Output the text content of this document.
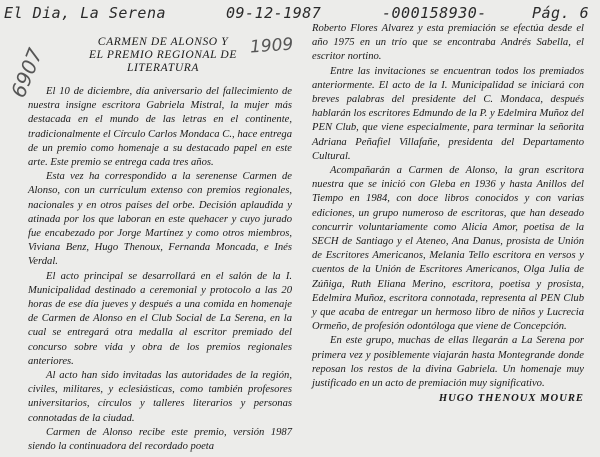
El Dia, La Serena	09-12-1987	-000158930-	Pág. 6
6907	1909
CARMEN DE ALONSO Y
EL PREMIO REGIONAL DE
LITERATURA

El 10 de diciembre, día aniversario del fallecimiento de nuestra insigne escritora Gabriela Mistral, la mujer más destacada en el mundo de las letras en el continente, tradicionalmente el Círculo Carlos Mondaca C., hace entrega de un premio como homenaje a su destacado papel en este arte. Este premio se entrega cada tres años.

Esta vez ha correspondido a la serenense Carmen de Alonso, con un currículum extenso con premios regionales, nacionales y en otros países del orbe. Decisión aplaudida y atinada por los que laboran en este quehacer y cuyo jurado fue encabezado por Jorge Martínez y como otros miembros, Viviana Benz, Hugo Thenoux, Fernanda Moncada, e Inés Verdal.

El acto principal se desarrollará en el salón de la I. Municipalidad destinado a ceremonial y protocolo a las 20 horas de ese día jueves y después a una comida en homenaje de Carmen de Alonso en el Club Social de La Serena, en la cual se entregará otra medalla al escritor premiado del concurso sobre vida y obra de los premios regionales anteriores.

Al acto han sido invitadas las autoridades de la región, civiles, militares, y eclesiásticas, como también profesores universitarios, círculos y talleres literarios y personas connotadas de la ciudad.

Carmen de Alonso recibe este premio, versión 1987 siendo la continuadora del recordado poeta

Roberto Flores Alvarez y esta premiación se efectúa desde el año 1975 en un trío que se encontraba Andrés Sabella, el escritor nortino.

Entre las invitaciones se encuentran todos los premiados anteriormente. El acto de la I. Municipalidad se iniciará con breves palabras del presidente del C. Mondaca, después hablarán los escritores Edmundo de la P. y Edelmira Muñoz del PEN Club, que viene especialmente, para terminar la señorita Adriana Peñafiel Villafañe, presidenta del Departamento Cultural.

Acompañarán a Carmen de Alonso, la gran escritora nuestra que se inició con Gleba en 1936 y hasta Anillos del Tiempo en 1984, con doce libros conocidos y con varias ediciones, un grupo numeroso de escritoras, que han deseado concurrir voluntariamente como Alicia Amor, poetisa de la SECH de Santiago y el Ateneo, Ana Danus, prosista de Unión de Escritores Americanos, Melania Tello escritora en versos y cuentos de la Unión de Escritores Americanos, Olga Julia de Zúñiga, Ruth Eliana Merino, escritora, poetisa y prosista, Edelmira Muñoz, escritora connotada, representa al PEN Club y que acaba de entregar un hermoso libro de niños y Lucrecia Ormeño, de profesión odontóloga que viene de Concepción.

En este grupo, muchas de ellas llegarán a La Serena por primera vez y posiblemente viajarán hasta Montegrande donde reposan los restos de la divina Gabriela. Un homenaje muy justificado en un acto de premiación muy significativo.

HUGO THENOUX MOURE
